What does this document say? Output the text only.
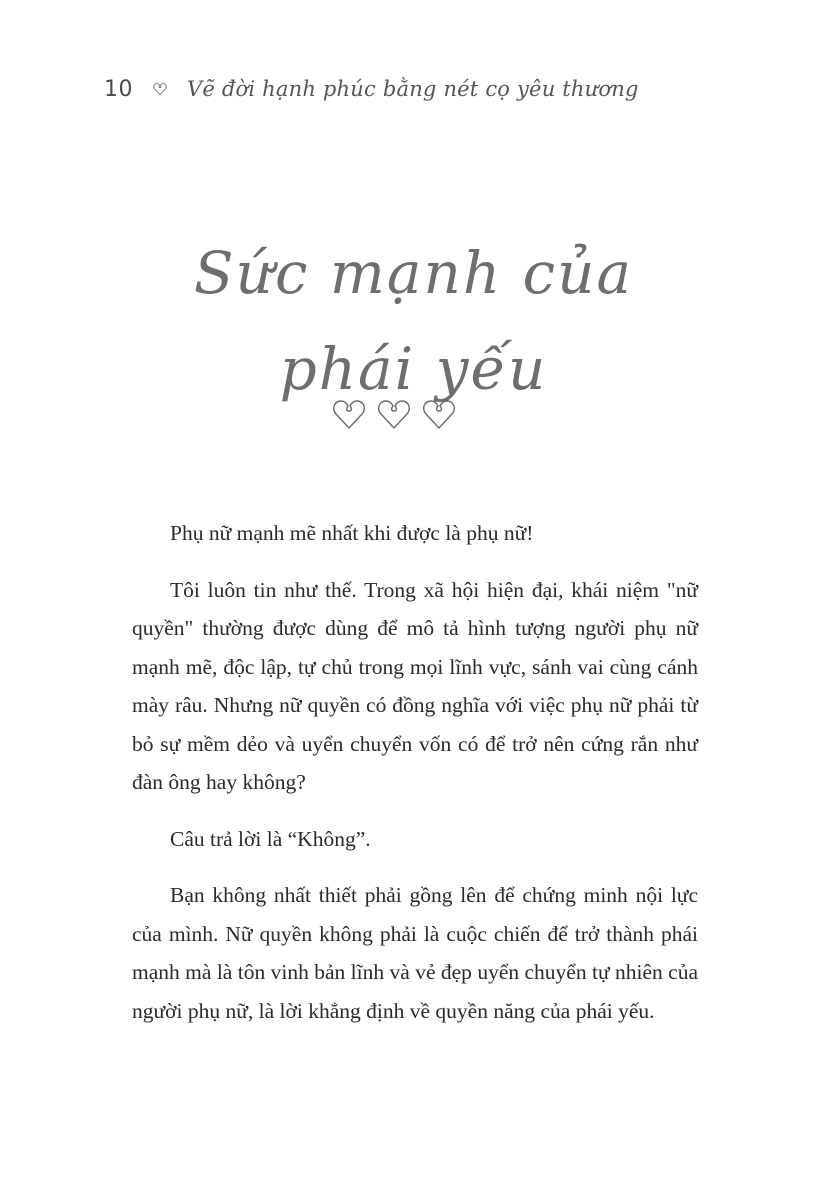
10	Vẽ đời hạnh phúc bằng nét cọ yêu thương
Sức mạnh của
phái yếu

Phụ nữ mạnh mẽ nhất khi được là phụ nữ!

Tôi luôn tin như thế. Trong xã hội hiện đại, khái niệm "nữ quyền" thường được dùng để mô tả hình tượng người phụ nữ mạnh mẽ, độc lập, tự chủ trong mọi lĩnh vực, sánh vai cùng cánh mày râu. Nhưng nữ quyền có đồng nghĩa với việc phụ nữ phải từ bỏ sự mềm dẻo và uyển chuyển vốn có để trở nên cứng rắn như đàn ông hay không?

Câu trả lời là “Không”.

Bạn không nhất thiết phải gồng lên để chứng minh nội lực của mình. Nữ quyền không phải là cuộc chiến để trở thành phái mạnh mà là tôn vinh bản lĩnh và vẻ đẹp uyển chuyển tự nhiên của người phụ nữ, là lời khẳng định về quyền năng của phái yếu.
